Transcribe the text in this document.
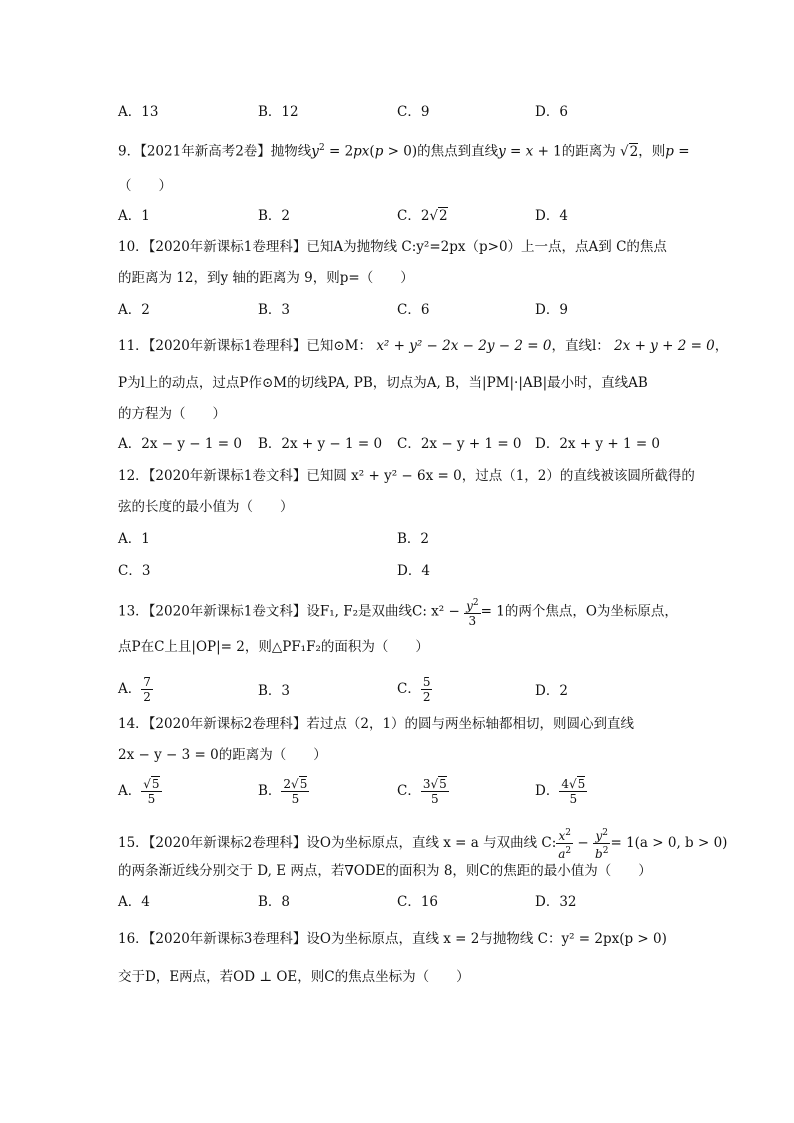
A．13	B．12	C．9	D．6
9．【2021年新高考2卷】抛物线$y^2 = 2px(p > 0)$的焦点到直线y = x + 1的距离为 √2，则p =
（　　）
A．1	B．2	C．2√2	D．4
10．【2020年新课标1卷理科】已知A为抛物线 C:y²=2px（p>0）上一点，点A到 C的焦点
的距离为 12，到y 轴的距离为 9，则p=（　　）
A．2	B．3	C．6	D．9
11．【2020年新课标1卷理科】已知⊙M： x² + y² − 2x − 2y − 2 = 0，直线l： 2x + y + 2 = 0，
P为l上的动点，过点P作⊙M的切线PA, PB，切点为A, B，当|PM|·|AB|最小时，直线AB
的方程为（　　）
A．2x − y − 1 = 0 B．2x + y − 1 = 0 C．2x − y + 1 = 0 D．2x + y + 1 = 0
12．【2020年新课标1卷文科】已知圆 x² + y² − 6x = 0，过点（1，2）的直线被该圆所截得的
弦的长度的最小值为（　　）
A．1	B．2
C．3	D．4
13．【2020年新课标1卷文科】设F₁, F₂是双曲线C: $x^2 - \frac{y^2}{3} = 1$的两个焦点，O为坐标原点，
点P在C上且|OP|= 2，则△PF₁F₂的面积为（　　）
A． $\frac{7}{2}$	B．3	C． $\frac{5}{2}$	D．2
14．【2020年新课标2卷理科】若过点（2，1）的圆与两坐标轴都相切，则圆心到直线
2x − y − 3 = 0的距离为（　　）
A． $\frac{√5}{5}$	B． $\frac{2√5}{5}$	C． $\frac{3√5}{5}$	D． $\frac{4√5}{5}$
15．【2020年新课标2卷理科】设O为坐标原点，直线 x = a 与双曲线 C: $\frac{x^2}{a^2} - \frac{y^2}{b^2} = 1(a > 0$, b > 0)
的两条渐近线分别交于 D, E 两点，若∇ODE的面积为 8，则C的焦距的最小值为（　　）
A．4	B．8	C．16	D．32
16．【2020年新课标3卷理科】设O为坐标原点，直线 x = 2与抛物线 C：y² = 2px(p > 0)
交于D，E两点，若OD ⊥ OE，则C的焦点坐标为（　　）
